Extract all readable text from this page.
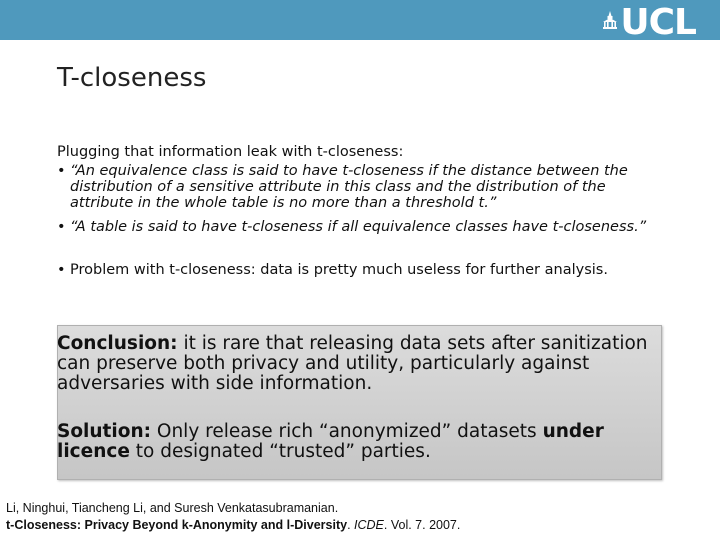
UCL
T-closeness

Plugging that information leak with t-closeness:

• “An equivalence class is said to have t-closeness if the distance between the distribution of a sensitive attribute in this class and the distribution of the attribute in the whole table is no more than a threshold t.”

• “A table is said to have t-closeness if all equivalence classes have t-closeness.”

• Problem with t-closeness: data is pretty much useless for further analysis.

Conclusion: it is rare that releasing data sets after sanitization can preserve both privacy and utility, particularly against adversaries with side information.

Solution: Only release rich “anonymized” datasets under licence to designated “trusted” parties.

Li, Ninghui, Tiancheng Li, and Suresh Venkatasubramanian.

t-Closeness: Privacy Beyond k-Anonymity and l-Diversity. ICDE. Vol. 7. 2007.
